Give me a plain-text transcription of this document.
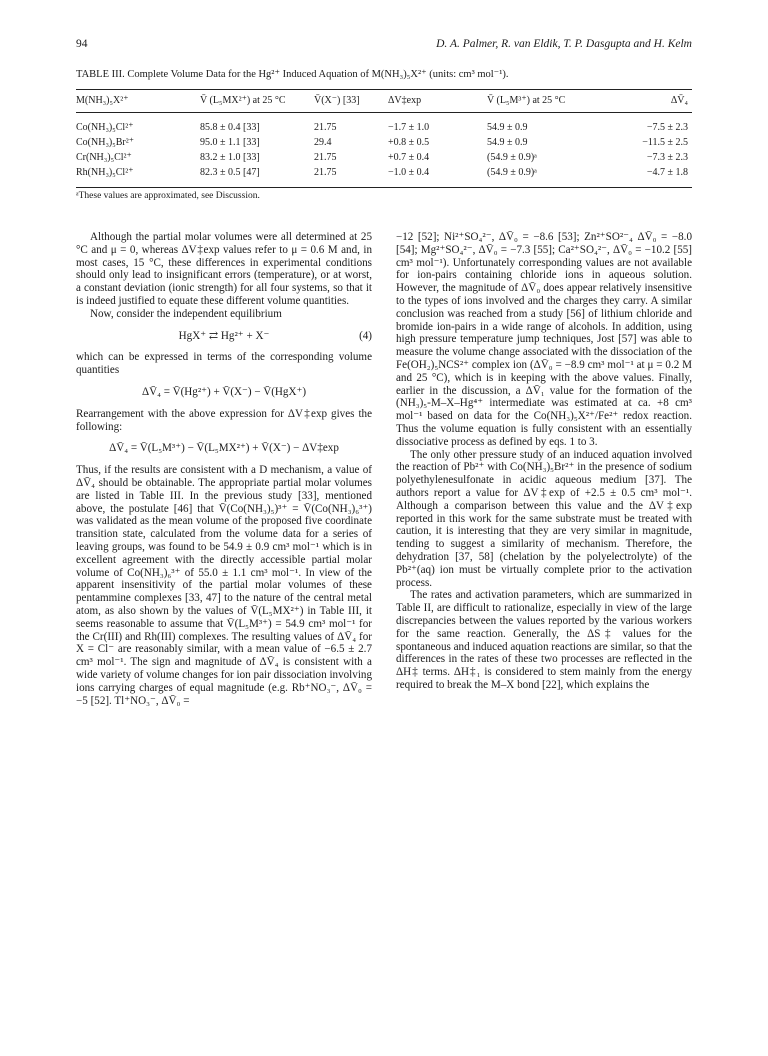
94	D. A. Palmer, R. van Eldik, T. P. Dasgupta and H. Kelm
TABLE III. Complete Volume Data for the Hg²⁺ Induced Aquation of M(NH₃)₅X²⁺ (units: cm³ mol⁻¹).
M(NH₃)₅X²⁺	V̄ (L₅MX²⁺) at 25 °C	V̄(X⁻) [33]	ΔV‡exp	V̄ (L₅M³⁺) at 25 °C	ΔV̄₄
Co(NH₃)₅Cl²⁺	85.8 ± 0.4 [33]	21.75	−1.7 ± 1.0	54.9 ± 0.9	−7.5 ± 2.3
Co(NH₃)₅Br²⁺	95.0 ± 1.1 [33]	29.4	+0.8 ± 0.5	54.9 ± 0.9	−11.5 ± 2.5
Cr(NH₃)₅Cl²⁺	83.2 ± 1.0 [33]	21.75	+0.7 ± 0.4	(54.9 ± 0.9)ᵃ	−7.3 ± 2.3
Rh(NH₃)₅Cl²⁺	82.3 ± 0.5 [47]	21.75	−1.0 ± 0.4	(54.9 ± 0.9)ᵃ	−4.7 ± 1.8
ᵃThese values are approximated, see Discussion.

Although the partial molar volumes were all determined at 25 °C and μ = 0, whereas ΔV‡exp values refer to μ = 0.6 M and, in most cases, 15 °C, these differences in experimental conditions should only lead to insignificant errors (temperature), or at worst, a constant deviation (ionic strength) for all four systems, so that it is indeed justified to equate these different volume quantities.

Now, consider the independent equilibrium

HgX⁺ ⇄ Hg²⁺ + X⁻	(4)

which can be expressed in terms of the corresponding volume quantities

ΔV̄₄ = V̄(Hg²⁺) + V̄(X⁻) − V̄(HgX⁺)

Rearrangement with the above expression for ΔV‡exp gives the following:

ΔV̄₄ = V̄(L₅M³⁺) − V̄(L₅MX²⁺) + V̄(X⁻) − ΔV‡exp

Thus, if the results are consistent with a D mechanism, a value of ΔV̄₄ should be obtainable. The appropriate partial molar volumes are listed in Table III. In the previous study [33], mentioned above, the postulate [46] that V̄(Co(NH₃)₅)³⁺ = V̄(Co(NH₃)₆³⁺) was validated as the mean volume of the proposed five coordinate transition state, calculated from the volume data for a series of leaving groups, was found to be 54.9 ± 0.9 cm³ mol⁻¹ which is in excellent agreement with the directly accessible partial molar volume of Co(NH₃)₆³⁺ of 55.0 ± 1.1 cm³ mol⁻¹. In view of the apparent insensitivity of the partial molar volumes of these pentammine complexes [33, 47] to the nature of the central metal atom, as also shown by the values of V̄(L₅MX²⁺) in Table III, it seems reasonable to assume that V̄(L₅M³⁺) = 54.9 cm³ mol⁻¹ for the Cr(III) and Rh(III) complexes. The resulting values of ΔV̄₄ for X = Cl⁻ are reasonably similar, with a mean value of −6.5 ± 2.7 cm³ mol⁻¹. The sign and magnitude of ΔV̄₄ is consistent with a wide variety of volume changes for ion pair dissociation involving ions carrying charges of equal magnitude (e.g. Rb⁺NO₃⁻, ΔV̄₀ = −5 [52]. Tl⁺NO₃⁻, ΔV̄₀ =

−12 [52]; Ni²⁺SO₄²⁻, ΔV̄₀ = −8.6 [53]; Zn²⁺SO²⁻₄ ΔV̄₀ = −8.0 [54]; Mg²⁺SO₄²⁻, ΔV̄₀ = −7.3 [55]; Ca²⁺SO₄²⁻, ΔV̄₀ = −10.2 [55] cm³ mol⁻¹). Unfortunately corresponding values are not available for ion-pairs containing chloride ions in aqueous solution. However, the magnitude of ΔV̄₀ does appear relatively insensitive to the types of ions involved and the charges they carry. A similar conclusion was reached from a study [56] of lithium chloride and bromide ion-pairs in a wide range of alcohols. In addition, using high pressure temperature jump techniques, Jost [57] was able to measure the volume change associated with the dissociation of the Fe(OH₂)₅NCS²⁺ complex ion (ΔV̄₀ = −8.9 cm³ mol⁻¹ at μ = 0.2 M and 25 °C), which is in keeping with the above values. Finally, earlier in the discussion, a ΔV̄₁ value for the formation of the (NH₃)₅-M–X–Hg⁴⁺ intermediate was estimated at ca. +8 cm³ mol⁻¹ based on data for the Co(NH₃)₅X²⁺/Fe²⁺ redox reaction. Thus the volume equation is fully consistent with an essentially dissociative process as defined by eqs. 1 to 3.

The only other pressure study of an induced aquation involved the reaction of Pb²⁺ with Co(NH₃)₅Br²⁺ in the presence of sodium polyethylenesulfonate in acidic aqueous medium [37]. The authors report a value for ΔV‡exp of +2.5 ± 0.5 cm³ mol⁻¹. Although a comparison between this value and the ΔV‡exp reported in this work for the same substrate must be treated with caution, it is interesting that they are very similar in magnitude, tending to suggest a similarity of mechanism. Therefore, the dehydration [37, 58] (chelation by the polyelectrolyte) of the Pb²⁺(aq) ion must be virtually complete prior to the activation process.

The rates and activation parameters, which are summarized in Table II, are difficult to rationalize, especially in view of the large discrepancies between the values reported by the various workers for the same reaction. Generally, the ΔS‡ values for the spontaneous and induced aquation reactions are similar, so that the differences in the rates of these two processes are reflected in the ΔH‡ terms. ΔH‡₁ is considered to stem mainly from the energy required to break the M–X bond [22], which explains the
